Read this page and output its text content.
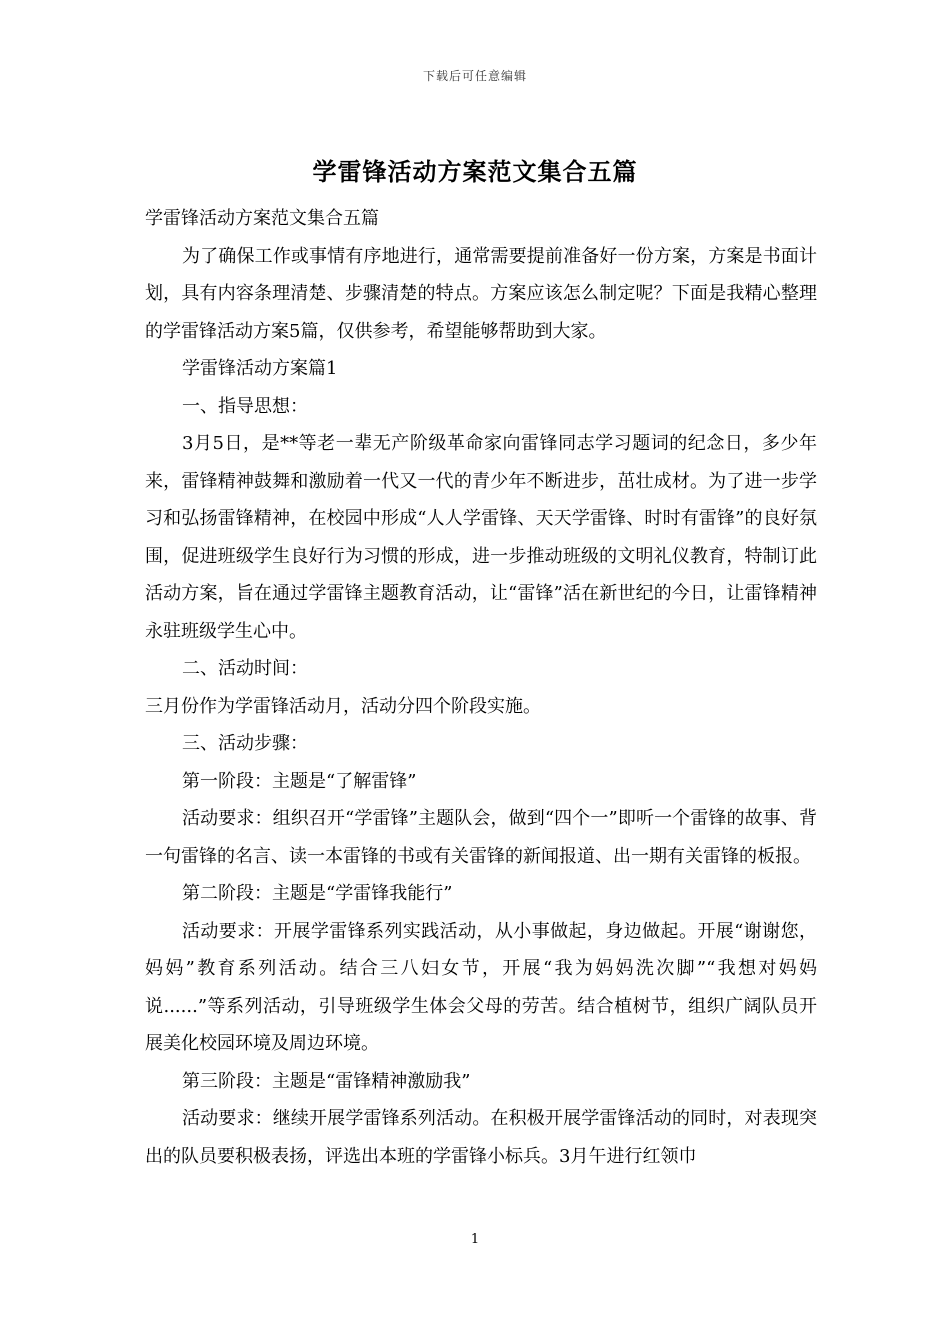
下载后可任意编辑
学雷锋活动方案范文集合五篇

学雷锋活动方案范文集合五篇

为了确保工作或事情有序地进行，通常需要提前准备好一份方案，方案是书面计划，具有内容条理清楚、步骤清楚的特点。方案应该怎么制定呢？下面是我精心整理的学雷锋活动方案5篇，仅供参考，希望能够帮助到大家。

学雷锋活动方案篇1

一、指导思想：

3月5日，是**等老一辈无产阶级革命家向雷锋同志学习题词的纪念日，多少年来，雷锋精神鼓舞和激励着一代又一代的青少年不断进步，茁壮成材。为了进一步学习和弘扬雷锋精神，在校园中形成“人人学雷锋、天天学雷锋、时时有雷锋”的良好氛围，促进班级学生良好行为习惯的形成，进一步推动班级的文明礼仪教育，特制订此活动方案，旨在通过学雷锋主题教育活动，让“雷锋”活在新世纪的今日，让雷锋精神永驻班级学生心中。

二、活动时间：

三月份作为学雷锋活动月，活动分四个阶段实施。

三、活动步骤：

第一阶段：主题是“了解雷锋”

活动要求：组织召开“学雷锋”主题队会，做到“四个一”即听一个雷锋的故事、背一句雷锋的名言、读一本雷锋的书或有关雷锋的新闻报道、出一期有关雷锋的板报。

第二阶段：主题是“学雷锋我能行”

活动要求：开展学雷锋系列实践活动，从小事做起，身边做起。开展“谢谢您，妈妈”教育系列活动。结合三八妇女节，开展“我为妈妈洗次脚”“我想对妈妈说......”等系列活动，引导班级学生体会父母的劳苦。结合植树节，组织广阔队员开展美化校园环境及周边环境。

第三阶段：主题是“雷锋精神激励我”

活动要求：继续开展学雷锋系列活动。在积极开展学雷锋活动的同时，对表现突出的队员要积极表扬，评选出本班的学雷锋小标兵。3月午进行红领巾

1
